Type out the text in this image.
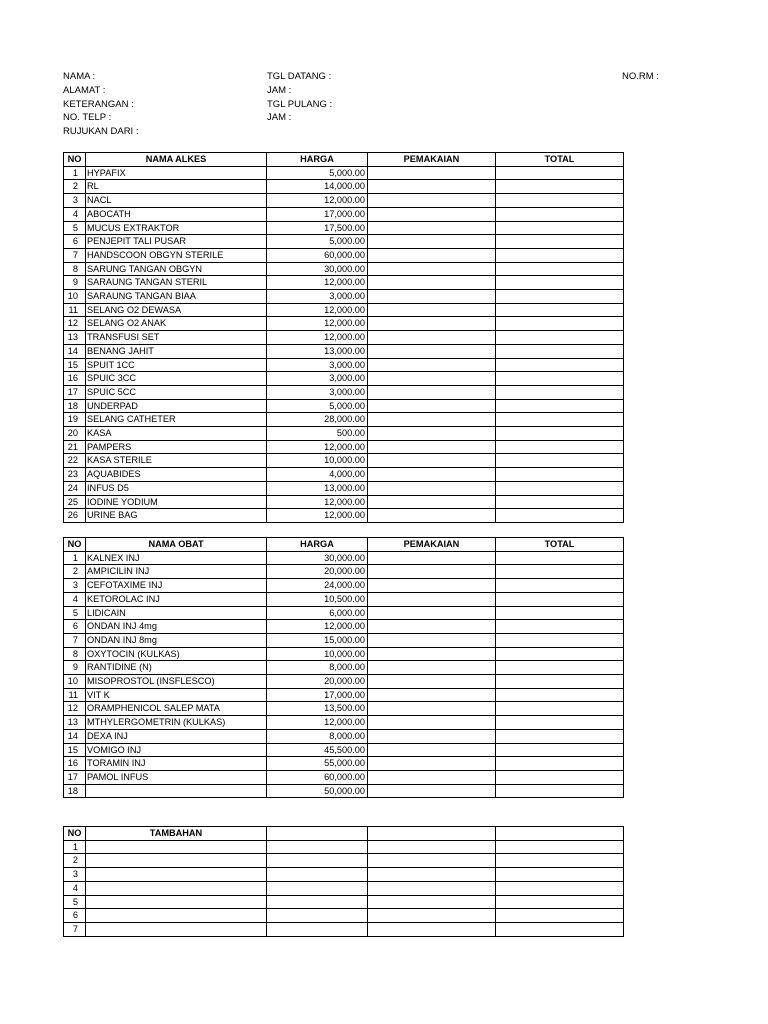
NAMA :
ALAMAT :
KETERANGAN :
NO. TELP :
RUJUKAN DARI :
TGL DATANG :
JAM :
TGL PULANG :
JAM :
NO.RM :
NO	NAMA ALKES	HARGA	PEMAKAIAN	TOTAL
1	HYPAFIX	5,000.00		
2	RL	14,000.00		
3	NACL	12,000.00		
4	ABOCATH	17,000.00		
5	MUCUS EXTRAKTOR	17,500.00		
6	PENJEPIT TALI PUSAR	5,000.00		
7	HANDSCOON OBGYN STERILE	60,000.00		
8	SARUNG TANGAN OBGYN	30,000.00		
9	SARAUNG TANGAN STERIL	12,000.00		
10	SARAUNG TANGAN BIAA	3,000.00		
11	SELANG O2 DEWASA	12,000.00		
12	SELANG O2 ANAK	12,000.00		
13	TRANSFUSI SET	12,000.00		
14	BENANG JAHIT	13,000.00		
15	SPUIT 1CC	3,000.00		
16	SPUIC 3CC	3,000.00		
17	SPUIC 5CC	3,000.00		
18	UNDERPAD	5,000.00		
19	SELANG CATHETER	28,000.00		
20	KASA	500.00		
21	PAMPERS	12,000.00		
22	KASA STERILE	10,000.00		
23	AQUABIDES	4,000.00		
24	INFUS D5	13,000.00		
25	IODINE YODIUM	12,000.00		
26	URINE BAG	12,000.00		
NO	NAMA OBAT	HARGA	PEMAKAIAN	TOTAL
1	KALNEX INJ	30,000.00		
2	AMPICILIN INJ	20,000.00		
3	CEFOTAXIME INJ	24,000.00		
4	KETOROLAC INJ	10,500.00		
5	LIDICAIN	6,000.00		
6	ONDAN INJ 4mg	12,000.00		
7	ONDAN INJ 8mg	15,000.00		
8	OXYTOCIN (KULKAS)	10,000.00		
9	RANTIDINE (N)	8,000.00		
10	MISOPROSTOL (INSFLESCO)	20,000.00		
11	VIT K	17,000.00		
12	ORAMPHENICOL SALEP MATA	13,500.00		
13	MTHYLERGOMETRIN (KULKAS)	12,000.00		
14	DEXA INJ	8,000.00		
15	VOMIGO INJ	45,500.00		
16	TORAMIN INJ	55,000.00		
17	PAMOL INFUS	60,000.00		
18		50,000.00		
NO	TAMBAHAN			
1				
2				
3				
4				
5				
6				
7				
